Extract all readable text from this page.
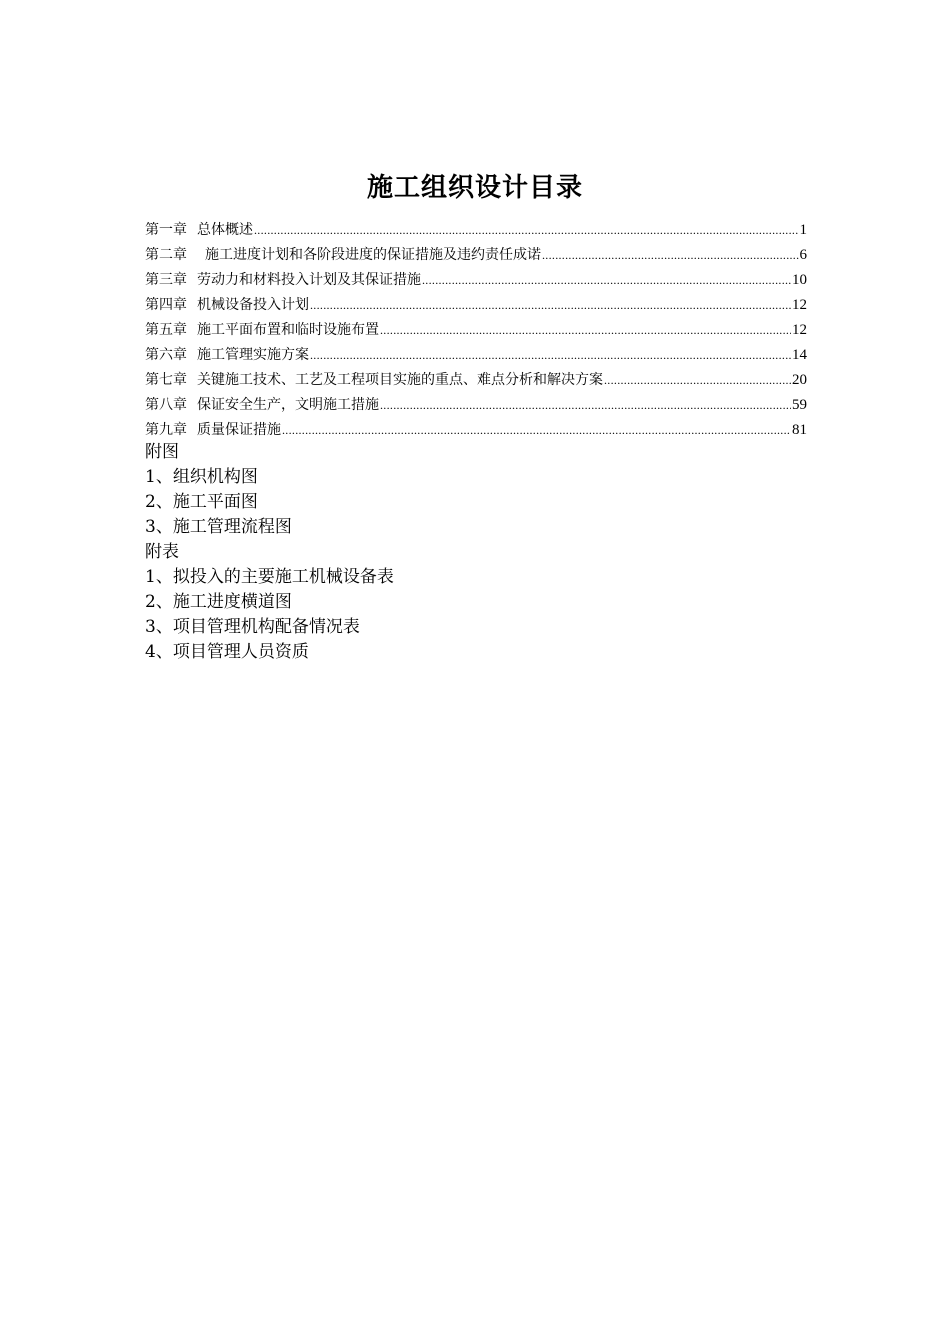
施工组织设计目录
第一章 总体概述 .....	1
第二章 施工进度计划和各阶段进度的保证措施及违约责任成诺 .....	6
第三章 劳动力和材料投入计划及其保证措施 .....	10
第四章 机械设备投入计划 .....	12
第五章 施工平面布置和临时设施布置 .....	12
第六章 施工管理实施方案 .....	14
第七章 关键施工技术、工艺及工程项目实施的重点、难点分析和解决方案 .....	20
第八章 保证安全生产，文明施工措施 .....	59
第九章 质量保证措施 .....	81
附图
1、组织机构图
2、施工平面图
3、施工管理流程图
附表
1、拟投入的主要施工机械设备表
2、施工进度横道图
3、项目管理机构配备情况表
4、项目管理人员资质
